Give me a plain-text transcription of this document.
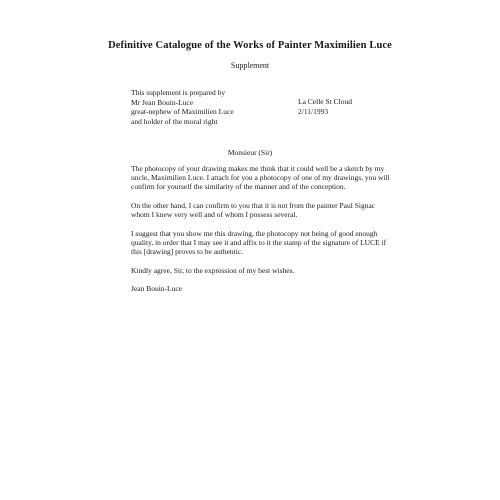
Definitive Catalogue of the Works of Painter Maximilien Luce
Supplement
This supplement is prepared by
Mr Jean Bouin-Luce
great-nephew of Maximilien Luce
and holder of the moral right
La Celle St Cloud
2/11/1993
Monsieur (Sir)

The photocopy of your drawing makes me think that it could well be a sketch by my uncle, Maximilien Luce. I attach for you a photocopy of one of my drawings, you will confirm for yourself the similarity of the manner and of the conception.

On the other hand, I can confirm to you that it is not from the painter Paul Signac whom I knew very well and of whom I possess several.

I suggest that you show me this drawing, the photocopy not being of good enough quality, in order that I may see it and affix to it the stamp of the signature of LUCE if this [drawing] proves to be authentic.

Kindly agree, Sir, to the expression of my best wishes.

Jean Bouin-Luce
